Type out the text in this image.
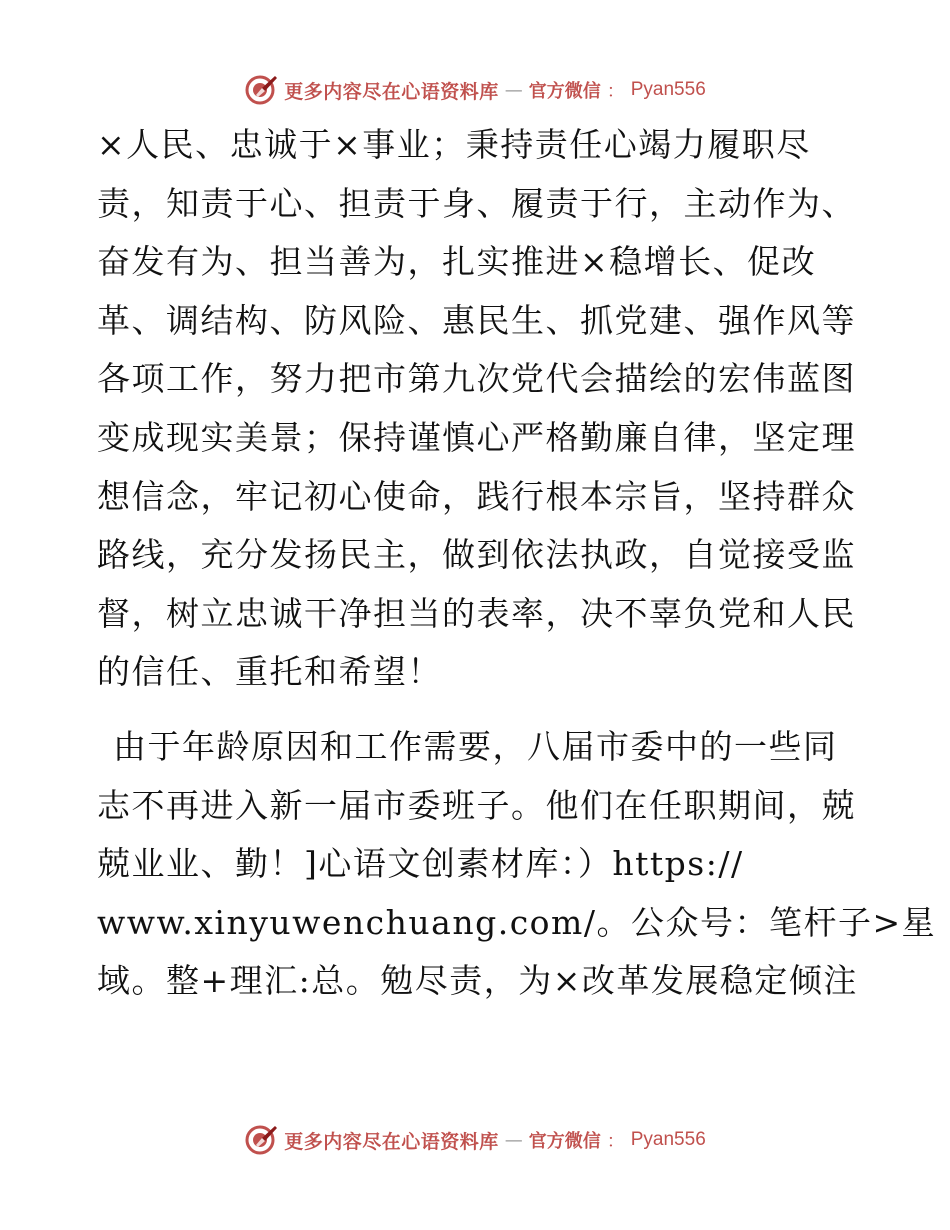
更多内容尽在心语资料库 — 官方微信 ： Pyan556

×人民、忠诚于×事业；秉持责任心竭力履职尽
责，知责于心、担责于身、履责于行，主动作为、
奋发有为、担当善为，扎实推进×稳增长、促改
革、调结构、防风险、惠民生、抓党建、强作风等
各项工作，努力把市第九次党代会描绘的宏伟蓝图
变成现实美景；保持谨慎心严格勤廉自律，坚定理
想信念，牢记初心使命，践行根本宗旨，坚持群众
路线，充分发扬民主，做到依法执政，自觉接受监
督，树立忠诚干净担当的表率，决不辜负党和人民
的信任、重托和希望！

由于年龄原因和工作需要，八届市委中的一些同
志不再进入新一届市委班子。他们在任职期间，兢
兢业业、勤！]心语文创素材库：）https://
www.xinyuwenchuang.com/。公众号：笔杆子>星
域。整+理汇:总。勉尽责，为×改革发展稳定倾注

更多内容尽在心语资料库 — 官方微信 ： Pyan556
